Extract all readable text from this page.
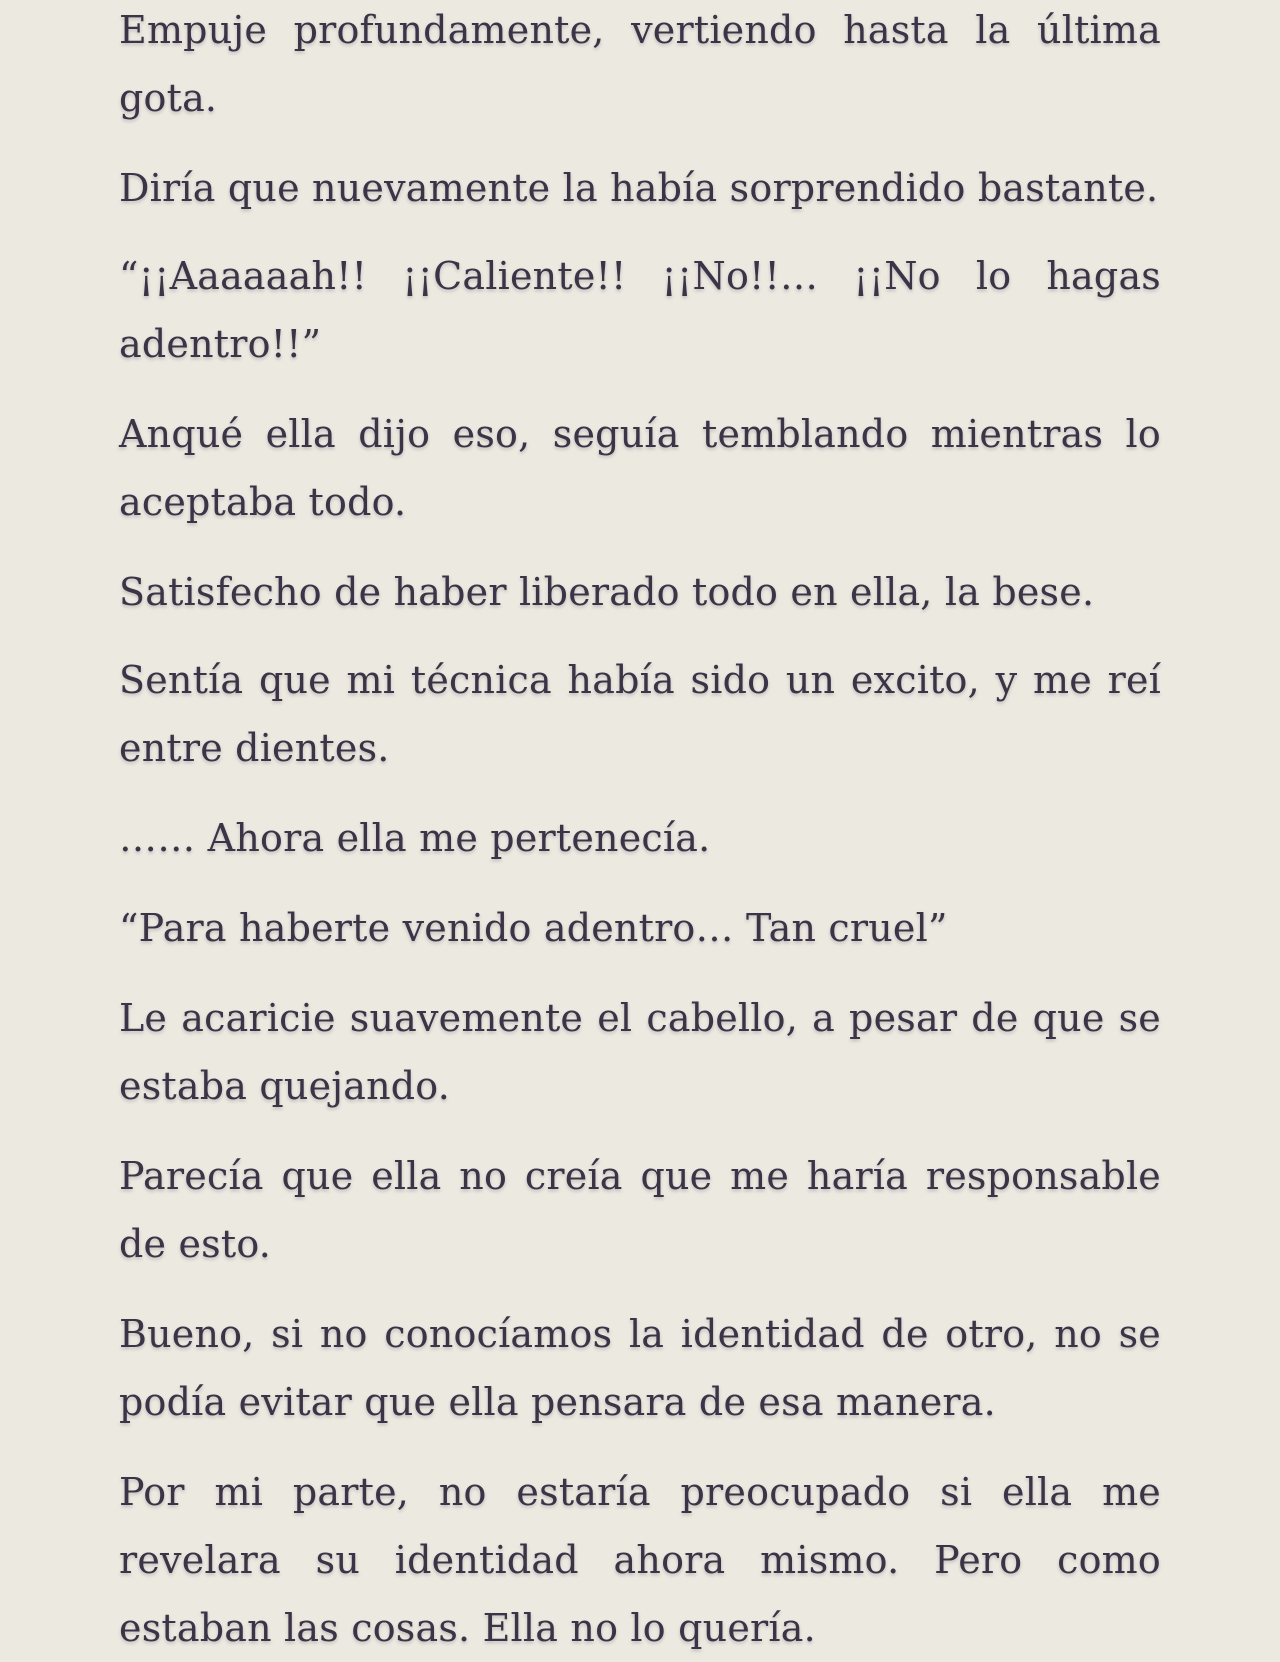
Empuje profundamente, vertiendo hasta la última gota.

Diría que nuevamente la había sorprendido bastante.

“¡¡Aaaaaah!! ¡¡Caliente!! ¡¡No!!… ¡¡No lo hagas adentro!!”

Anqué ella dijo eso, seguía temblando mientras lo aceptaba todo.

Satisfecho de haber liberado todo en ella, la bese.

Sentía que mi técnica había sido un excito, y me reí entre dientes.

…… Ahora ella me pertenecía.

“Para haberte venido adentro… Tan cruel”

Le acaricie suavemente el cabello, a pesar de que se estaba quejando.

Parecía que ella no creía que me haría responsable de esto.

Bueno, si no conocíamos la identidad de otro, no se podía evitar que ella pensara de esa manera.

Por mi parte, no estaría preocupado si ella me revelara su identidad ahora mismo. Pero como estaban las cosas. Ella no lo quería.
